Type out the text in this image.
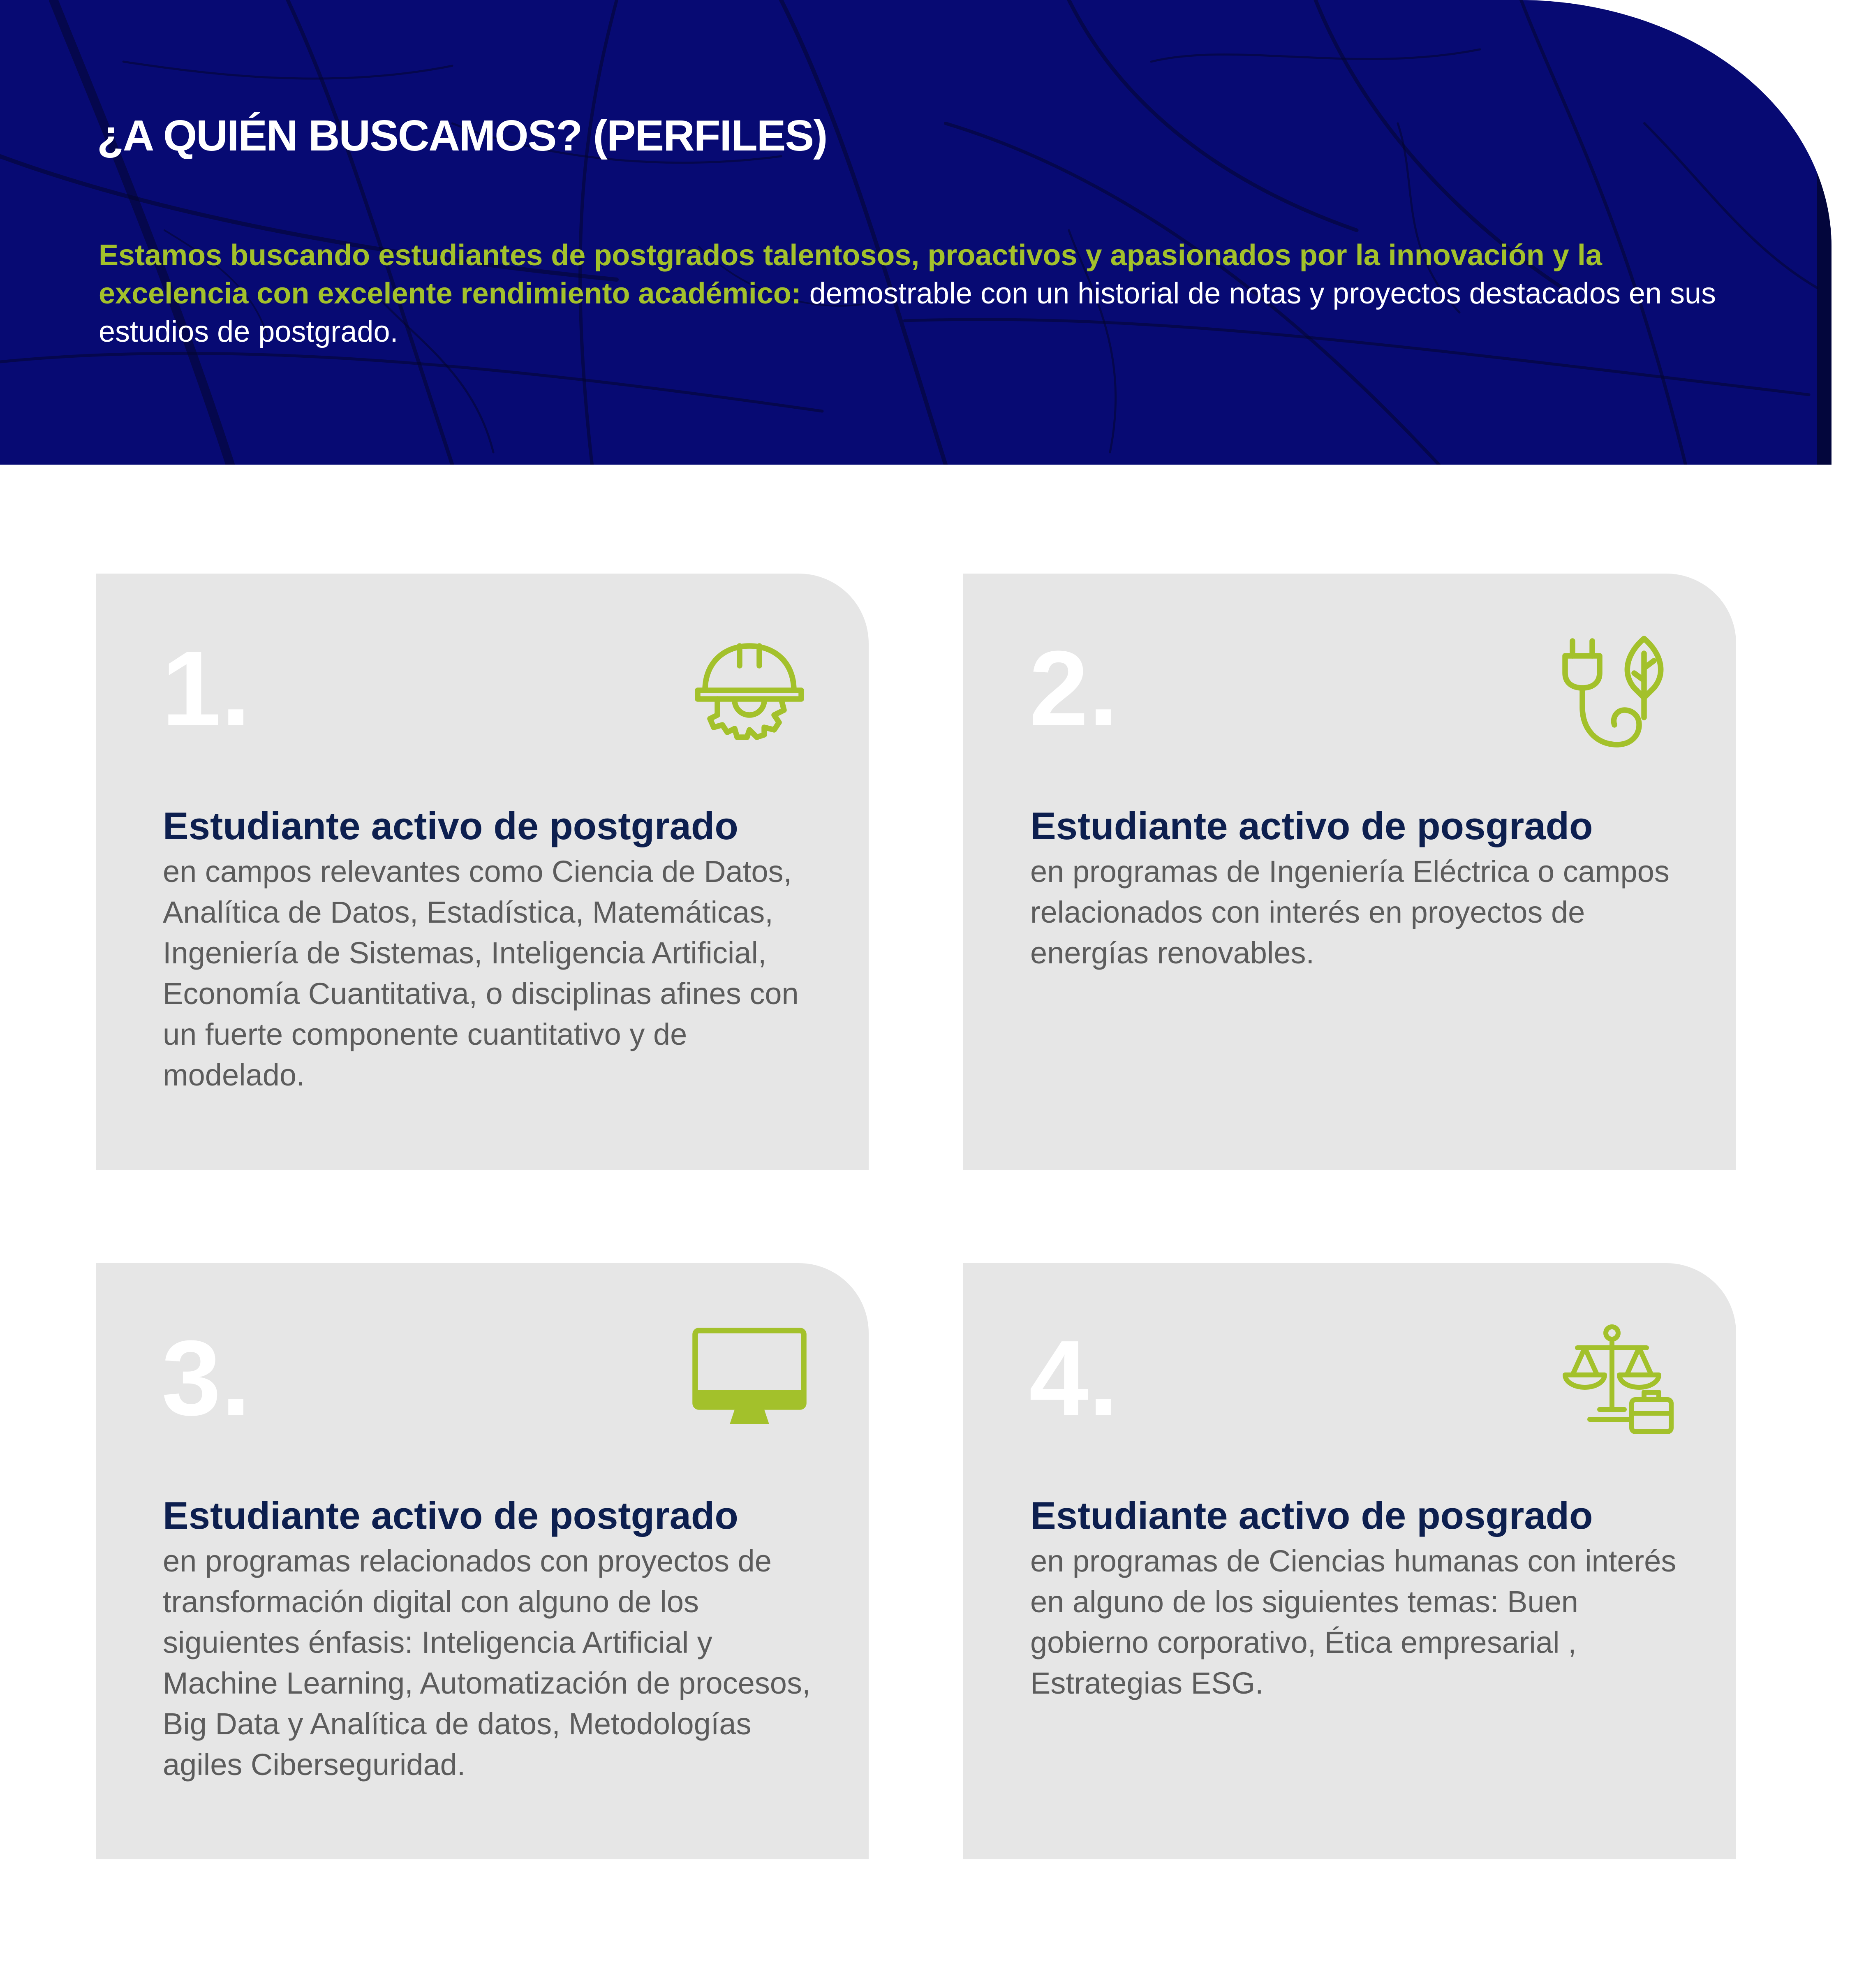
¿A QUIÉN BUSCAMOS? (PERFILES)

Estamos buscando estudiantes de postgrados talentosos, proactivos y apasionados por la innovación y la excelencia con excelente rendimiento académico: demostrable con un historial de notas y proyectos destacados en sus estudios de postgrado.

1.
Estudiante activo de postgrado

en campos relevantes como Ciencia de Datos, Analítica de Datos, Estadística, Matemáticas, Ingeniería de Sistemas, Inteligencia Artificial, Economía Cuantitativa, o disciplinas afines con un fuerte componente cuantitativo y de modelado.

2.
Estudiante activo de posgrado

en programas de Ingeniería Eléctrica o campos relacionados con interés en proyectos de energías renovables.

3.
Estudiante activo de postgrado

en programas relacionados con proyectos de transformación digital con alguno de los siguientes énfasis: Inteligencia Artificial y Machine Learning, Automatización de procesos, Big Data y Analítica de datos, Metodologías agiles Ciberseguridad.

4.
Estudiante activo de posgrado

en programas de Ciencias humanas con interés en alguno de los siguientes temas: Buen gobierno corporativo, Ética empresarial , Estrategias ESG.
